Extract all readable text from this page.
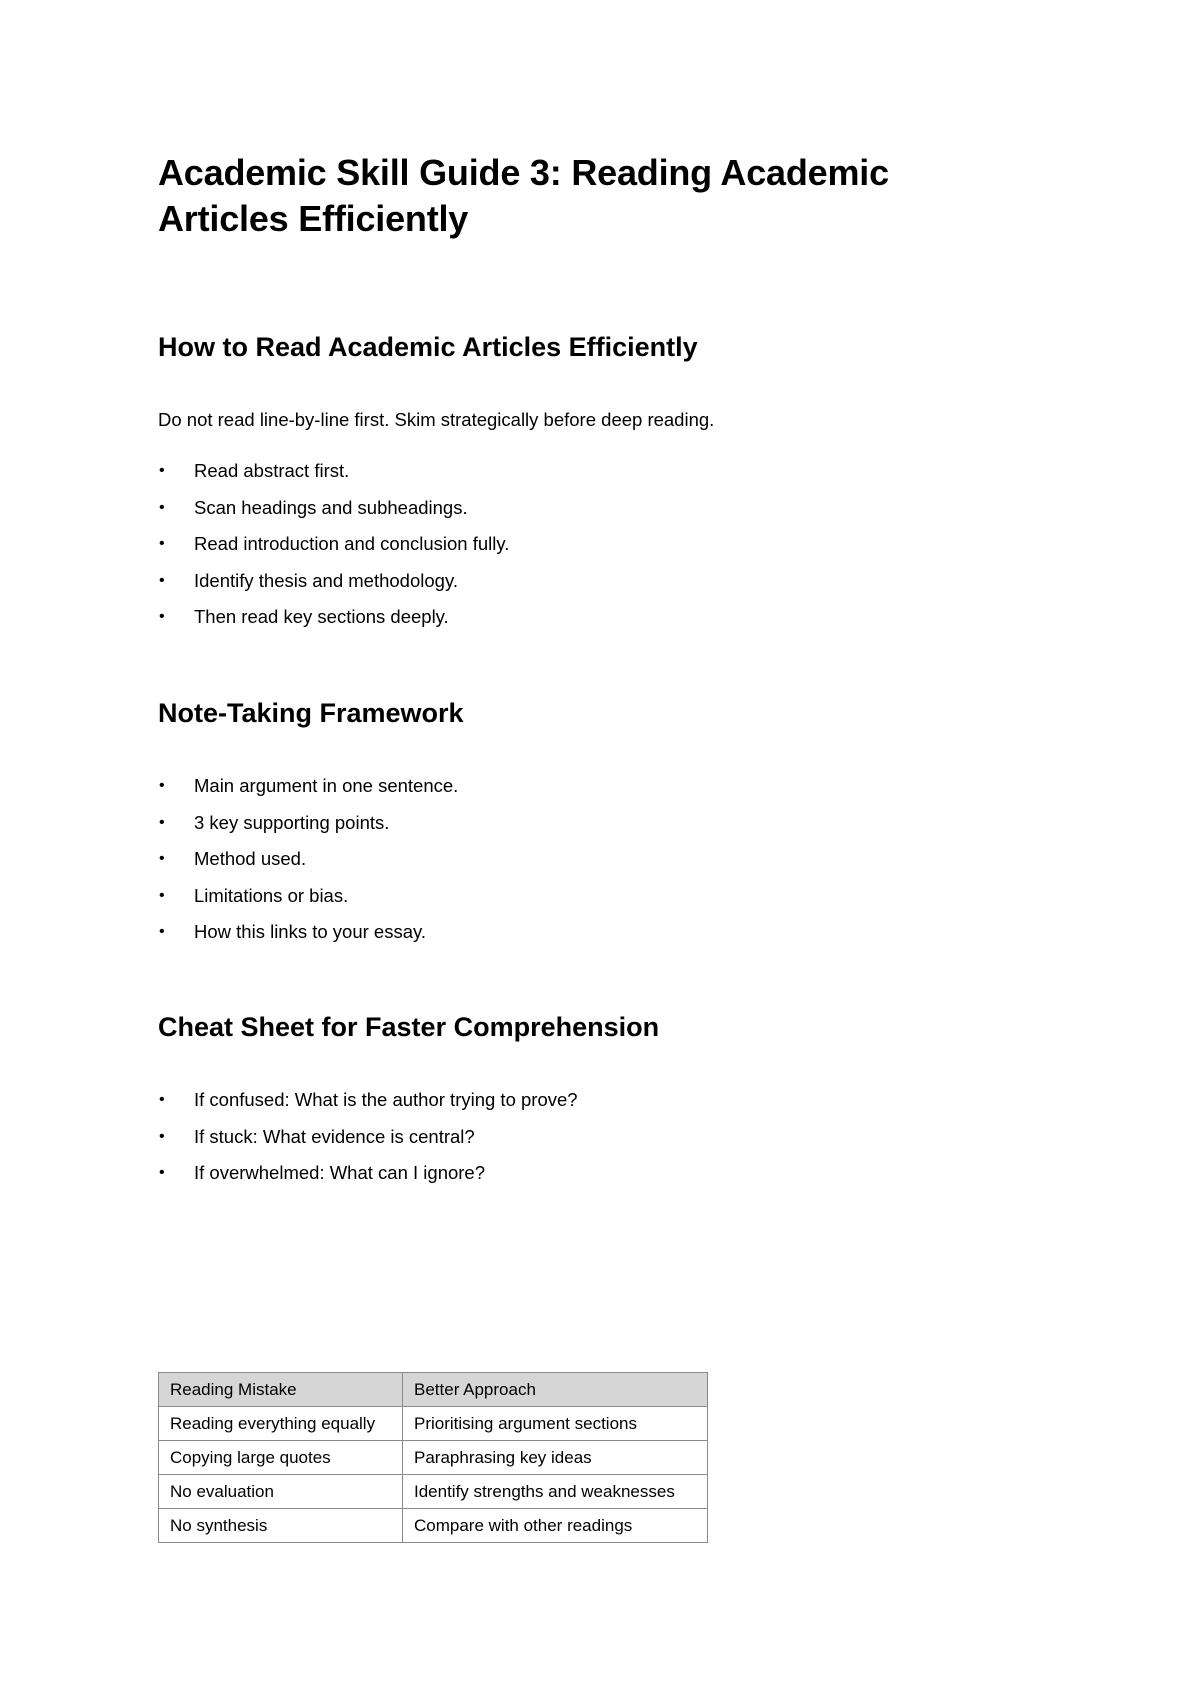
Academic Skill Guide 3: Reading Academic
Articles Efficiently
How to Read Academic Articles Efficiently

Do not read line-by-line first. Skim strategically before deep reading.

• Read abstract first.
• Scan headings and subheadings.
• Read introduction and conclusion fully.
• Identify thesis and methodology.
• Then read key sections deeply.
Note-Taking Framework
• Main argument in one sentence.
• 3 key supporting points.
• Method used.
• Limitations or bias.
• How this links to your essay.
Cheat Sheet for Faster Comprehension
• If confused: What is the author trying to prove?
• If stuck: What evidence is central?
• If overwhelmed: What can I ignore?
Reading Mistake	Better Approach
Reading everything equally	Prioritising argument sections
Copying large quotes	Paraphrasing key ideas
No evaluation	Identify strengths and weaknesses
No synthesis	Compare with other readings
